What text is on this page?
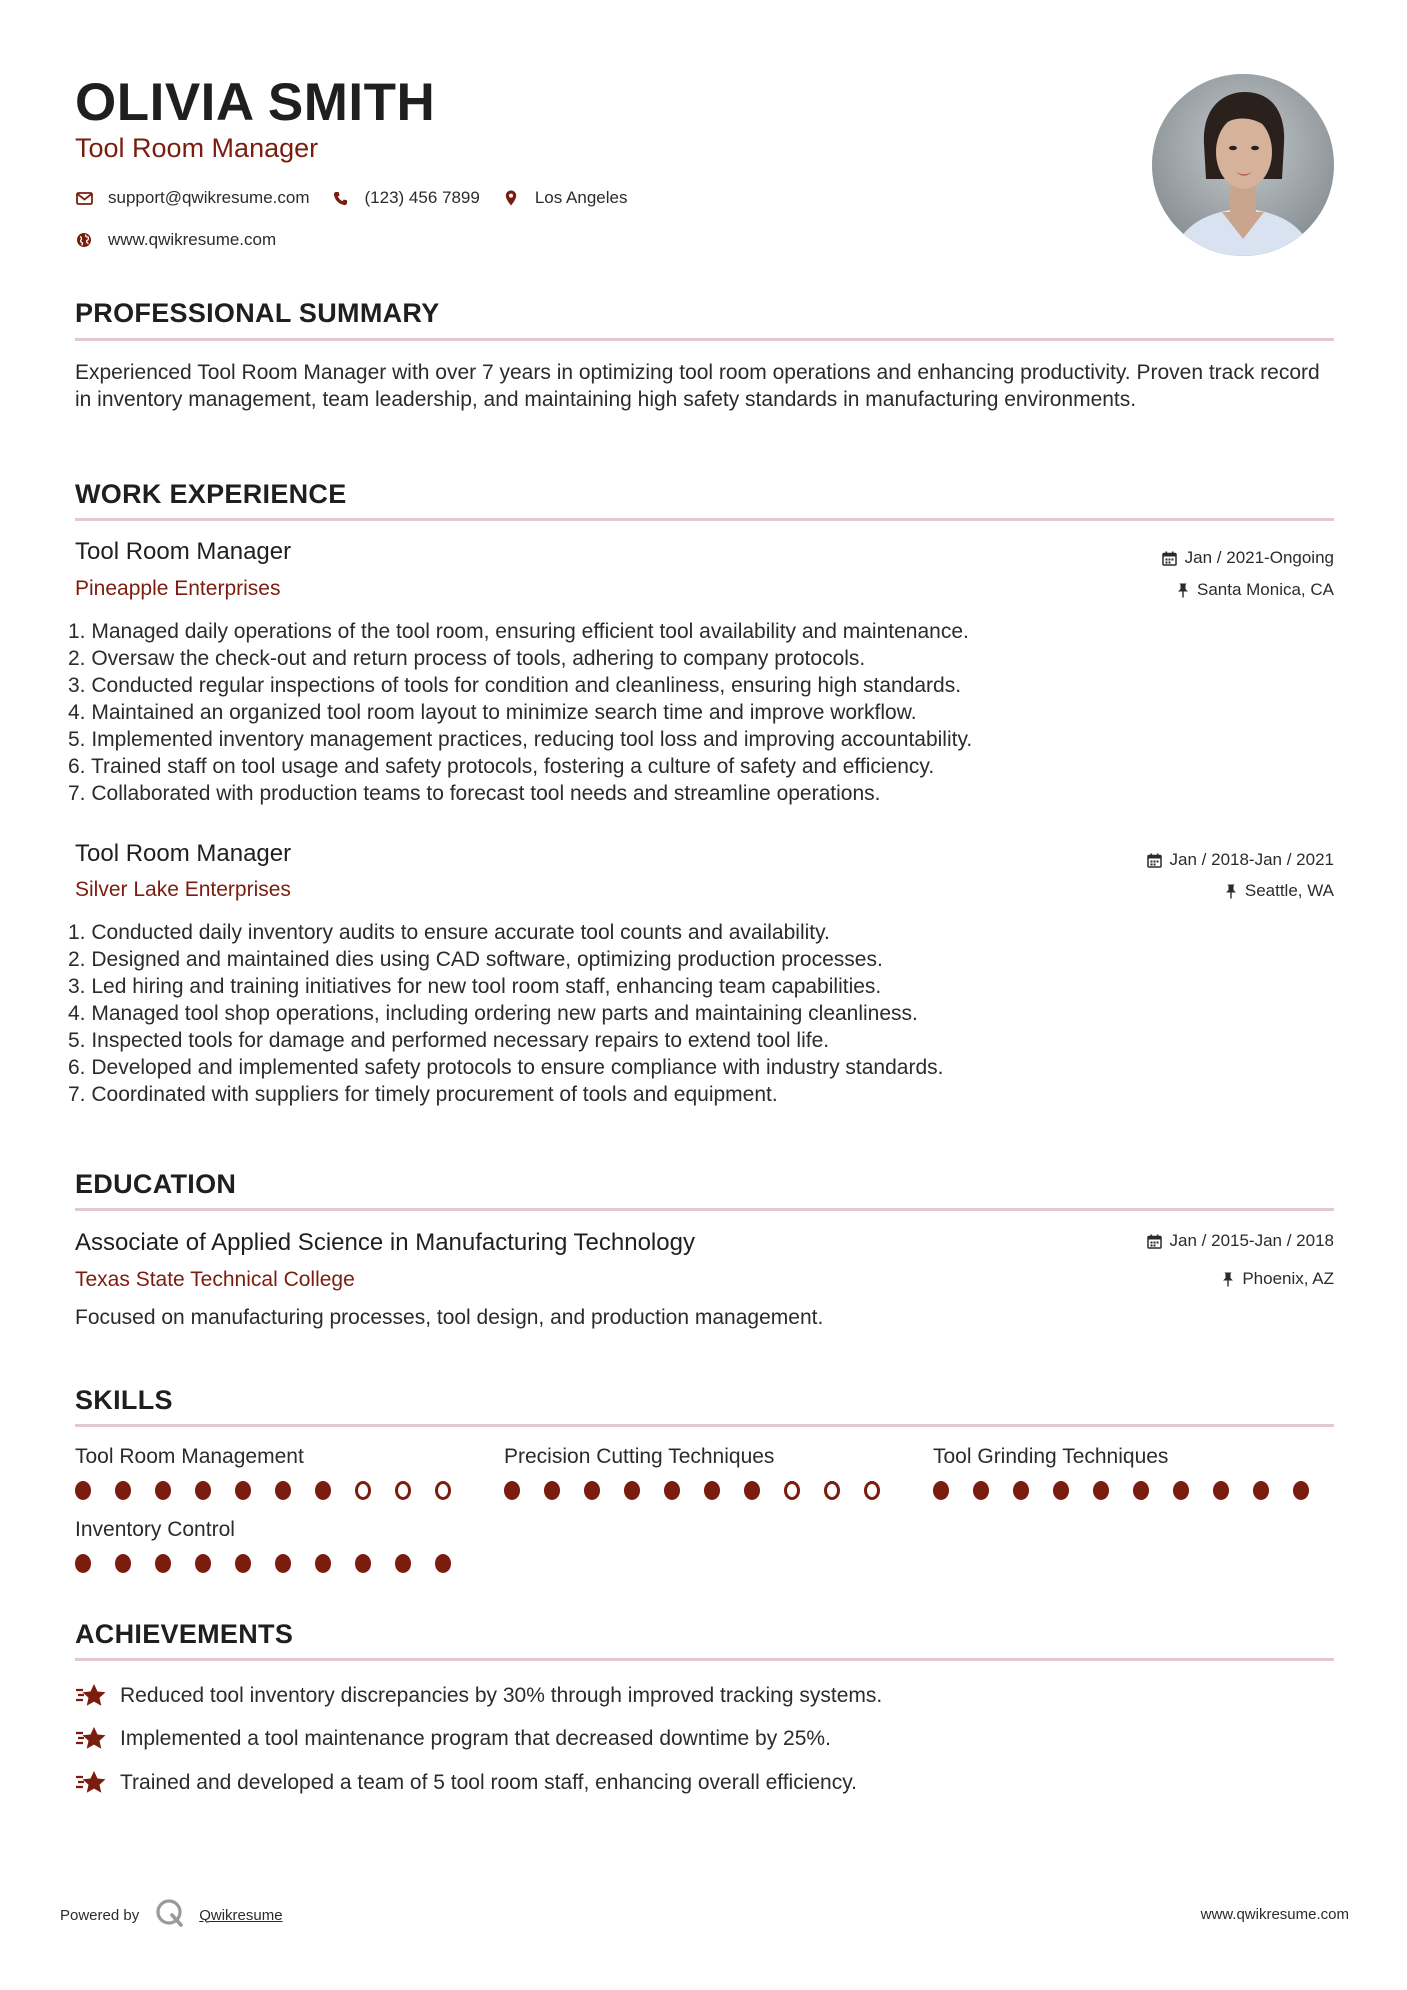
OLIVIA SMITH
Tool Room Manager
support@qwikresume.com	(123) 456 7899	Los Angeles
www.qwikresume.com
PROFESSIONAL SUMMARY
Experienced Tool Room Manager with over 7 years in optimizing tool room operations and enhancing productivity. Proven track record in inventory management, team leadership, and maintaining high safety standards in manufacturing environments.
WORK EXPERIENCE
Tool Room Manager
Pineapple Enterprises
Jan / 2021-Ongoing
Santa Monica, CA
1. Managed daily operations of the tool room, ensuring efficient tool availability and maintenance.
2. Oversaw the check-out and return process of tools, adhering to company protocols.
3. Conducted regular inspections of tools for condition and cleanliness, ensuring high standards.
4. Maintained an organized tool room layout to minimize search time and improve workflow.
5. Implemented inventory management practices, reducing tool loss and improving accountability.
6. Trained staff on tool usage and safety protocols, fostering a culture of safety and efficiency.
7. Collaborated with production teams to forecast tool needs and streamline operations.
Tool Room Manager
Silver Lake Enterprises
Jan / 2018-Jan / 2021
Seattle, WA
1. Conducted daily inventory audits to ensure accurate tool counts and availability.
2. Designed and maintained dies using CAD software, optimizing production processes.
3. Led hiring and training initiatives for new tool room staff, enhancing team capabilities.
4. Managed tool shop operations, including ordering new parts and maintaining cleanliness.
5. Inspected tools for damage and performed necessary repairs to extend tool life.
6. Developed and implemented safety protocols to ensure compliance with industry standards.
7. Coordinated with suppliers for timely procurement of tools and equipment.
EDUCATION
Associate of Applied Science in Manufacturing Technology
Texas State Technical College
Jan / 2015-Jan / 2018
Phoenix, AZ
Focused on manufacturing processes, tool design, and production management.
SKILLS
Tool Room Management	Precision Cutting Techniques	Tool Grinding Techniques
Inventory Control
ACHIEVEMENTS
Reduced tool inventory discrepancies by 30% through improved tracking systems.
Implemented a tool maintenance program that decreased downtime by 25%.
Trained and developed a team of 5 tool room staff, enhancing overall efficiency.
Powered by	Qwikresume	www.qwikresume.com
